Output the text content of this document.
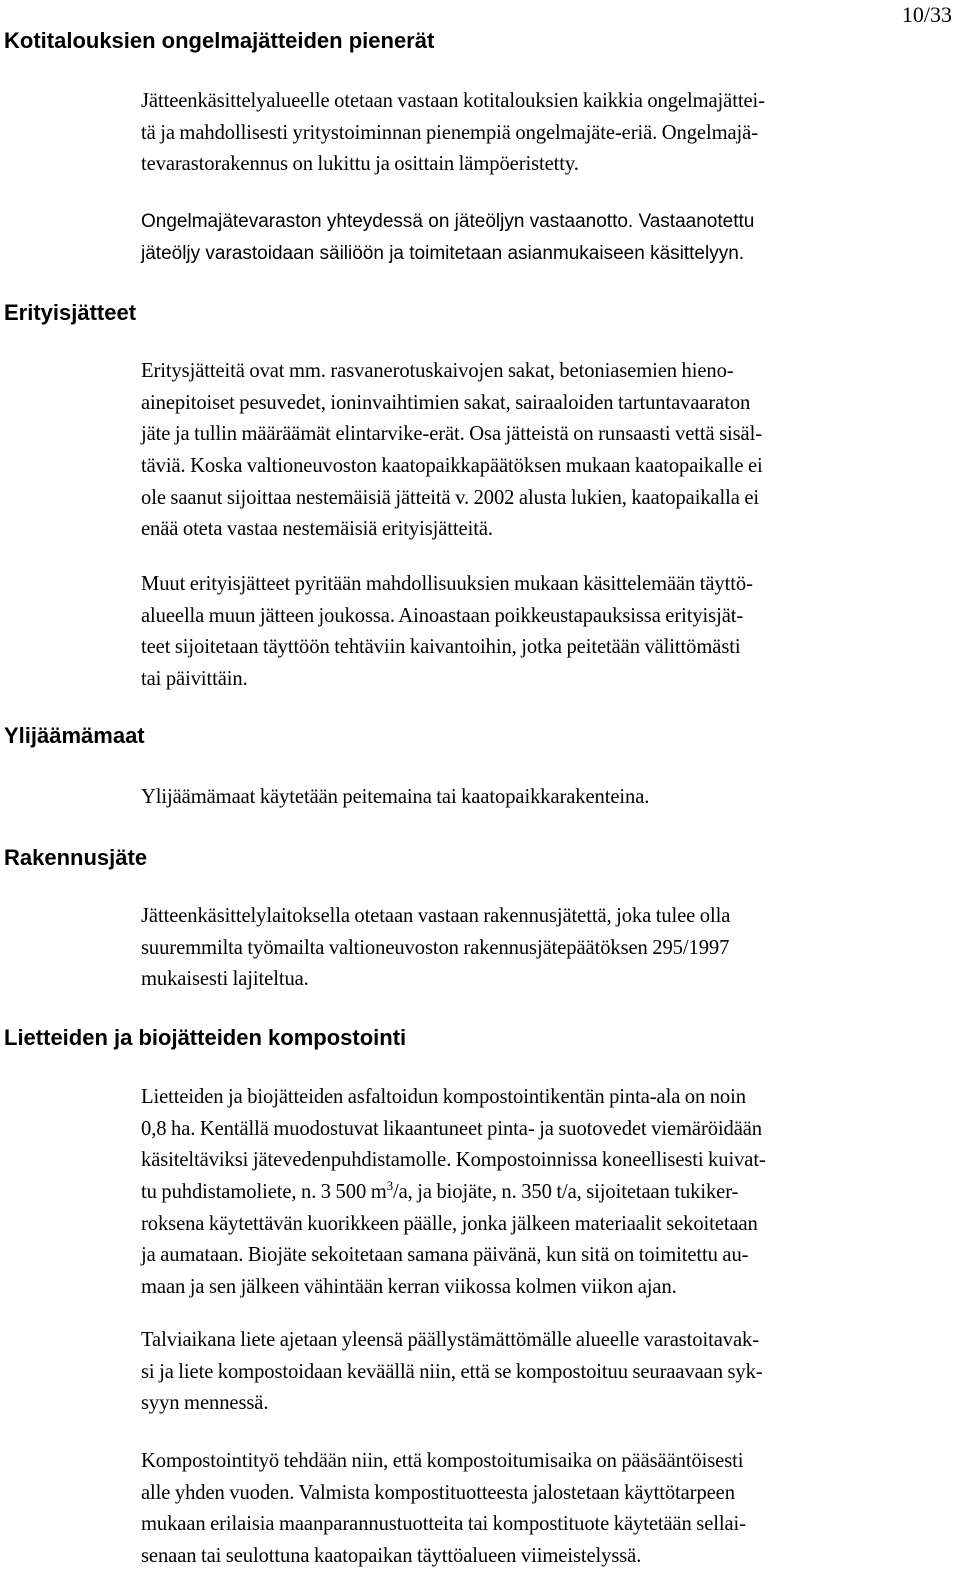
10/33
Kotitalouksien ongelmajätteiden pienerät
Jätteenkäsittelyalueelle otetaan vastaan kotitalouksien kaikkia ongelmajättei-
tä ja mahdollisesti yritystoiminnan pienempiä ongelmajäte-eriä. Ongelmajä-
tevarastorakennus on lukittu ja osittain lämpöeristetty.
Ongelmajätevaraston yhteydessä on jäteöljyn vastaanotto. Vastaanotettu
jäteöljy varastoidaan säiliöön ja toimitetaan asianmukaiseen käsittelyyn.
Erityisjätteet
Eritysjätteitä ovat mm. rasvanerotuskaivojen sakat, betoniasemien hieno-
ainepitoiset pesuvedet, ioninvaihtimien sakat, sairaaloiden tartuntavaaraton
jäte ja tullin määräämät elintarvike-erät. Osa jätteistä on runsaasti vettä sisäl-
täviä. Koska valtioneuvoston kaatopaikkapäätöksen mukaan kaatopaikalle ei
ole saanut sijoittaa nestemäisiä jätteitä v. 2002 alusta lukien, kaatopaikalla ei
enää oteta vastaa nestemäisiä erityisjätteitä.
Muut erityisjätteet pyritään mahdollisuuksien mukaan käsittelemään täyttö-
alueella muun jätteen joukossa. Ainoastaan poikkeustapauksissa erityisjät-
teet sijoitetaan täyttöön tehtäviin kaivantoihin, jotka peitetään välittömästi
tai päivittäin.
Ylijäämämaat
Ylijäämämaat käytetään peitemaina tai kaatopaikkarakenteina.
Rakennusjäte
Jätteenkäsittelylaitoksella otetaan vastaan rakennusjätettä, joka tulee olla
suuremmilta työmailta valtioneuvoston rakennusjätepäätöksen 295/1997
mukaisesti lajiteltua.
Lietteiden ja biojätteiden kompostointi
Lietteiden ja biojätteiden asfaltoidun kompostointikentän pinta-ala on noin
0,8 ha. Kentällä muodostuvat likaantuneet pinta- ja suotovedet viemäröidään
käsiteltäviksi jätevedenpuhdistamolle. Kompostoinnissa koneellisesti kuivat-
tu puhdistamoliete, n. 3 500 $m^3/a$, ja biojäte, n. 350 t/a, sijoitetaan tukiker-
roksena käytettävän kuorikkeen päälle, jonka jälkeen materiaalit sekoitetaan
ja aumataan. Biojäte sekoitetaan samana päivänä, kun sitä on toimitettu au-
maan ja sen jälkeen vähintään kerran viikossa kolmen viikon ajan.
Talviaikana liete ajetaan yleensä päällystämättömälle alueelle varastoitavak-
si ja liete kompostoidaan keväällä niin, että se kompostoituu seuraavaan syk-
syyn mennessä.
Kompostointityö tehdään niin, että kompostoitumisaika on pääsääntöisesti
alle yhden vuoden. Valmista kompostituotteesta jalostetaan käyttötarpeen
mukaan erilaisia maanparannustuotteita tai kompostituote käytetään sellai-
senaan tai seulottuna kaatopaikan täyttöalueen viimeistelyssä.
